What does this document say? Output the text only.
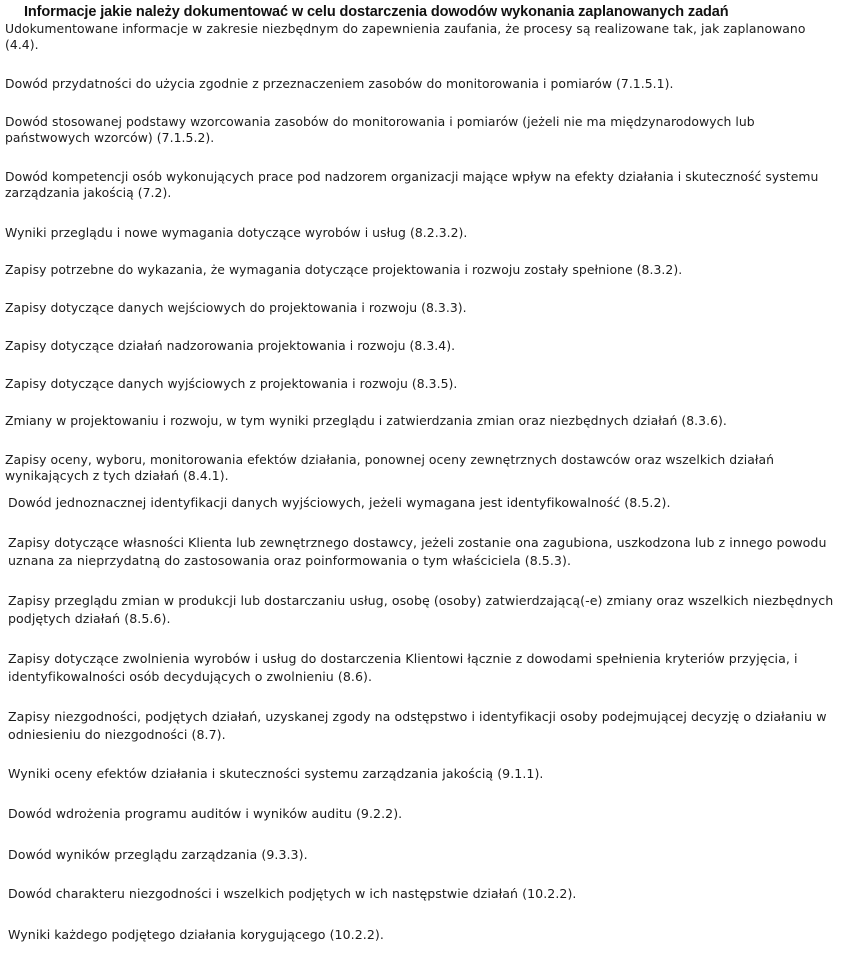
Informacje jakie należy dokumentować w celu dostarczenia dowodów wykonania zaplanowanych zadań
Udokumentowane informacje w zakresie niezbędnym do zapewnienia zaufania, że procesy są realizowane tak, jak zaplanowano (4.4).
Dowód przydatności do użycia zgodnie z przeznaczeniem zasobów do monitorowania i pomiarów (7.1.5.1).
Dowód stosowanej podstawy wzorcowania zasobów do monitorowania i pomiarów (jeżeli nie ma międzynarodowych lub państwowych wzorców) (7.1.5.2).
Dowód kompetencji osób wykonujących prace pod nadzorem organizacji mające wpływ na efekty działania i skuteczność systemu zarządzania jakością (7.2).
Wyniki przeglądu i nowe wymagania dotyczące wyrobów i usług (8.2.3.2).
Zapisy potrzebne do wykazania, że wymagania dotyczące projektowania i rozwoju zostały spełnione (8.3.2).
Zapisy dotyczące danych wejściowych do projektowania i rozwoju (8.3.3).
Zapisy dotyczące działań nadzorowania projektowania i rozwoju (8.3.4).
Zapisy dotyczące danych wyjściowych z projektowania i rozwoju (8.3.5).
Zmiany w projektowaniu i rozwoju, w tym wyniki przeglądu i zatwierdzania zmian oraz niezbędnych działań (8.3.6).
Zapisy oceny, wyboru, monitorowania efektów działania, ponownej oceny zewnętrznych dostawców oraz wszelkich działań wynikających z tych działań (8.4.1).
Dowód jednoznacznej identyfikacji danych wyjściowych, jeżeli wymagana jest identyfikowalność (8.5.2).
Zapisy dotyczące własności Klienta lub zewnętrznego dostawcy, jeżeli zostanie ona zagubiona, uszkodzona lub z innego powodu uznana za nieprzydatną do zastosowania oraz poinformowania o tym właściciela (8.5.3).
Zapisy przeglądu zmian w produkcji lub dostarczaniu usług, osobę (osoby) zatwierdzającą(-e) zmiany oraz wszelkich niezbędnych podjętych działań (8.5.6).
Zapisy dotyczące zwolnienia wyrobów i usług do dostarczenia Klientowi łącznie z dowodami spełnienia kryteriów przyjęcia, i identyfikowalności osób decydujących o zwolnieniu (8.6).
Zapisy niezgodności, podjętych działań, uzyskanej zgody na odstępstwo i identyfikacji osoby podejmującej decyzję o działaniu w odniesieniu do niezgodności (8.7).
Wyniki oceny efektów działania i skuteczności systemu zarządzania jakością (9.1.1).
Dowód wdrożenia programu auditów i wyników auditu (9.2.2).
Dowód wyników przeglądu zarządzania (9.3.3).
Dowód charakteru niezgodności i wszelkich podjętych w ich następstwie działań (10.2.2).
Wyniki każdego podjętego działania korygującego (10.2.2).
